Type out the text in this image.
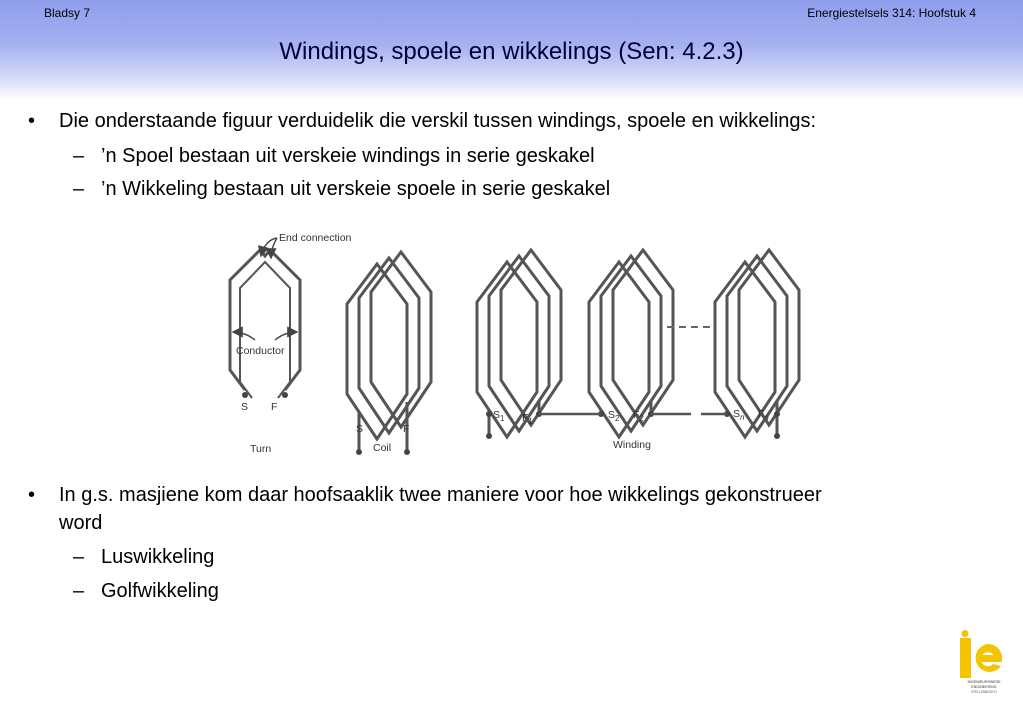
Bladsy 7	Energiestelsels 314: Hoofstuk 4
Windings, spoele en wikkelings (Sen: 4.2.3)
• Die onderstaande figuur verduidelik die verskil tussen windings, spoele en wikkelings:
– ’n Spoel bestaan uit verskeie windings in serie geskakel
– ’n Wikkeling bestaan uit verskeie spoele in serie geskakel
• In g.s. masjiene kom daar hoofsaaklik twee maniere voor hoe wikkelings gekonstrueer
word
– Luswikkeling
– Golfwikkeling
End connection
Conductor
S F
Turn
S	F
Coil
$S_1$ $F_1$
$S_2$ $F_2$	$S_n$ $F_n$
Winding
INGENIEURSWESE
ENGINEERING
STELLENBOSCH
